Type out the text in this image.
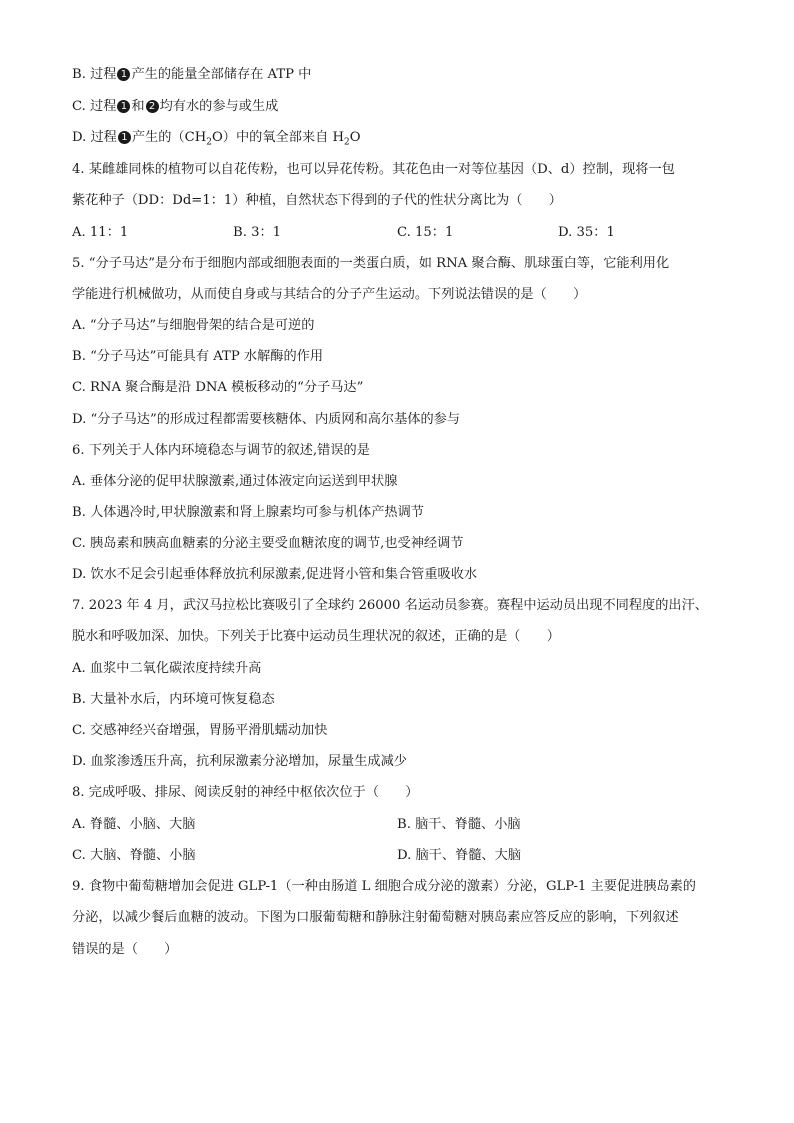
B. 过程 1 产生的能量全部储存在 ATP 中
C. 过程 1 和 2 均有水的参与或生成
D. 过程 1 产生的$(CH_2O)$中的氧全部来自 $H_2O$
4. 某雌雄同株的植物可以自花传粉，也可以异花传粉。其花色由一对等位基因（D、d）控制，现将一包
紫花种子（DD：Dd=1：1）种植，自然状态下得到的子代的性状分离比为（　　）
A. 11：1	B. 3：1	C. 15：1	D. 35：1
5. “分子马达”是分布于细胞内部或细胞表面的一类蛋白质，如 RNA 聚合酶、肌球蛋白等，它能利用化
学能进行机械做功，从而使自身或与其结合的分子产生运动。下列说法错误的是（　　）
A. “分子马达”与细胞骨架的结合是可逆的
B. “分子马达”可能具有 ATP 水解酶的作用
C. RNA 聚合酶是沿 DNA 模板移动的“分子马达”
D. “分子马达”的形成过程都需要核糖体、内质网和高尔基体的参与
6. 下列关于人体内环境稳态与调节的叙述,错误的是
A. 垂体分泌的促甲状腺激素,通过体液定向运送到甲状腺
B. 人体遇冷时,甲状腺激素和肾上腺素均可参与机体产热调节
C. 胰岛素和胰高血糖素的分泌主要受血糖浓度的调节,也受神经调节
D. 饮水不足会引起垂体释放抗利尿激素,促进肾小管和集合管重吸收水
7. 2023 年 4 月，武汉马拉松比赛吸引了全球约 26000 名运动员参赛。赛程中运动员出现不同程度的出汗、
脱水和呼吸加深、加快。下列关于比赛中运动员生理状况的叙述，正确的是（　　）
A. 血浆中二氧化碳浓度持续升高
B. 大量补水后，内环境可恢复稳态
C. 交感神经兴奋增强，胃肠平滑肌蠕动加快
D. 血浆渗透压升高，抗利尿激素分泌增加，尿量生成减少
8. 完成呼吸、排尿、阅读反射的神经中枢依次位于（　　）
A. 脊髓、小脑、大脑	B. 脑干、脊髓、小脑
C. 大脑、脊髓、小脑	D. 脑干、脊髓、大脑
9. 食物中葡萄糖增加会促进 GLP-1（一种由肠道 L 细胞合成分泌的激素）分泌，GLP-1 主要促进胰岛素的
分泌，以减少餐后血糖的波动。下图为口服葡萄糖和静脉注射葡萄糖对胰岛素应答反应的影响，下列叙述
错误的是（　　）
